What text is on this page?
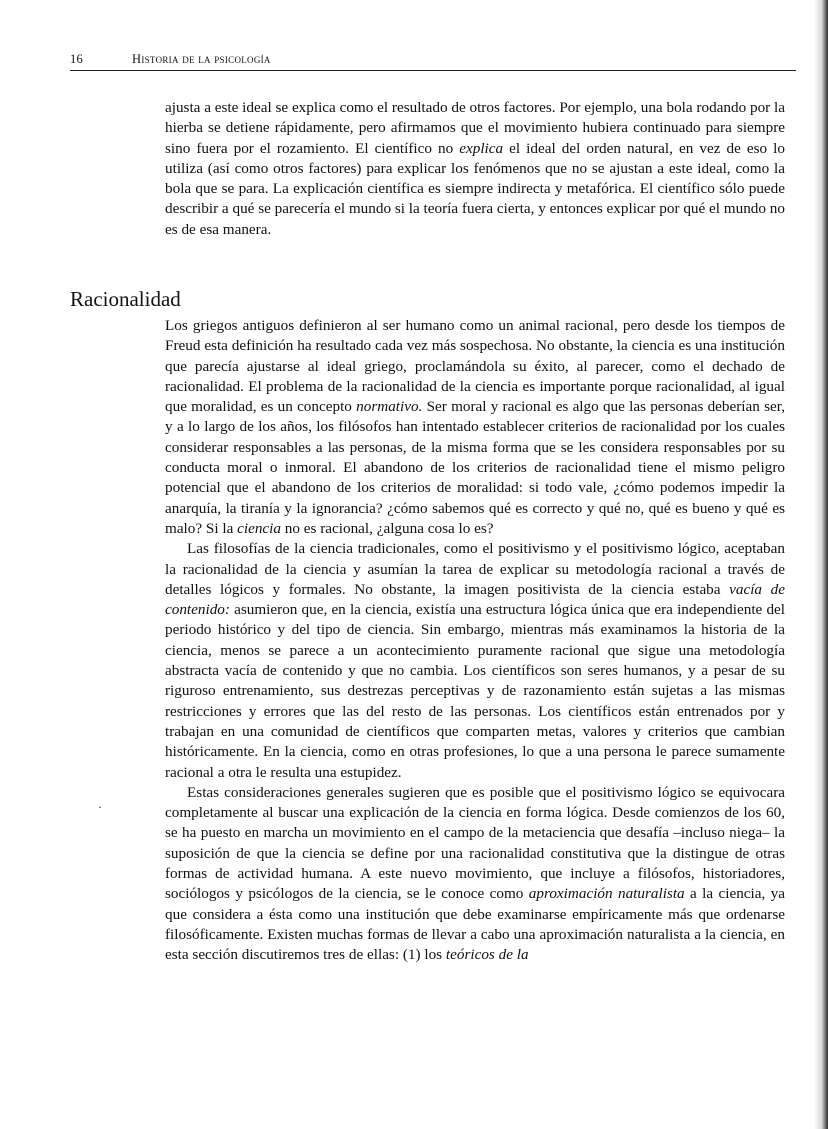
16	Historia de la psicología

ajusta a este ideal se explica como el resultado de otros factores. Por ejemplo, una bola rodando por la hierba se detiene rápidamente, pero afirmamos que el movimiento hubiera continuado para siempre sino fuera por el rozamiento. El científico no explica el ideal del orden natural, en vez de eso lo utiliza (así como otros factores) para explicar los fenómenos que no se ajustan a este ideal, como la bola que se para. La explicación científica es siempre indirecta y metafórica. El científico sólo puede describir a qué se parecería el mundo si la teoría fuera cierta, y entonces explicar por qué el mundo no es de esa manera.

Racionalidad

Los griegos antiguos definieron al ser humano como un animal racional, pero desde los tiempos de Freud esta definición ha resultado cada vez más sospechosa. No obstante, la ciencia es una institución que parecía ajustarse al ideal griego, proclamándola su éxito, al parecer, como el dechado de racionalidad. El problema de la racionalidad de la ciencia es importante porque racionalidad, al igual que moralidad, es un concepto normativo. Ser moral y racional es algo que las personas deberían ser, y a lo largo de los años, los filósofos han intentado establecer criterios de racionalidad por los cuales considerar responsables a las personas, de la misma forma que se les considera responsables por su conducta moral o inmoral. El abandono de los criterios de racionalidad tiene el mismo peligro potencial que el abandono de los criterios de moralidad: si todo vale, ¿cómo podemos impedir la anarquía, la tiranía y la ignorancia? ¿cómo sabemos qué es correcto y qué no, qué es bueno y qué es malo? Si la ciencia no es racional, ¿alguna cosa lo es?

Las filosofías de la ciencia tradicionales, como el positivismo y el positivismo lógico, aceptaban la racionalidad de la ciencia y asumían la tarea de explicar su metodología racional a través de detalles lógicos y formales. No obstante, la imagen positivista de la ciencia estaba vacía de contenido: asumieron que, en la ciencia, existía una estructura lógica única que era independiente del periodo histórico y del tipo de ciencia. Sin embargo, mientras más examinamos la historia de la ciencia, menos se parece a un acontecimiento puramente racional que sigue una metodología abstracta vacía de contenido y que no cambia. Los científicos son seres humanos, y a pesar de su riguroso entrenamiento, sus destrezas perceptivas y de razonamiento están sujetas a las mismas restricciones y errores que las del resto de las personas. Los científicos están entrenados por y trabajan en una comunidad de científicos que comparten metas, valores y criterios que cambian históricamente. En la ciencia, como en otras profesiones, lo que a una persona le parece sumamente racional a otra le resulta una estupidez.

Estas consideraciones generales sugieren que es posible que el positivismo lógico se equivocara completamente al buscar una explicación de la ciencia en forma lógica. Desde comienzos de los 60, se ha puesto en marcha un movimiento en el campo de la metaciencia que desafía –incluso niega– la suposición de que la ciencia se define por una racionalidad constitutiva que la distingue de otras formas de actividad humana. A este nuevo movimiento, que incluye a filósofos, historiadores, sociólogos y psicólogos de la ciencia, se le conoce como aproximación naturalista a la ciencia, ya que considera a ésta como una institución que debe examinarse empíricamente más que ordenarse filosóficamente. Existen muchas formas de llevar a cabo una aproximación naturalista a la ciencia, en esta sección discutiremos tres de ellas: (1) los teóricos de la

·
